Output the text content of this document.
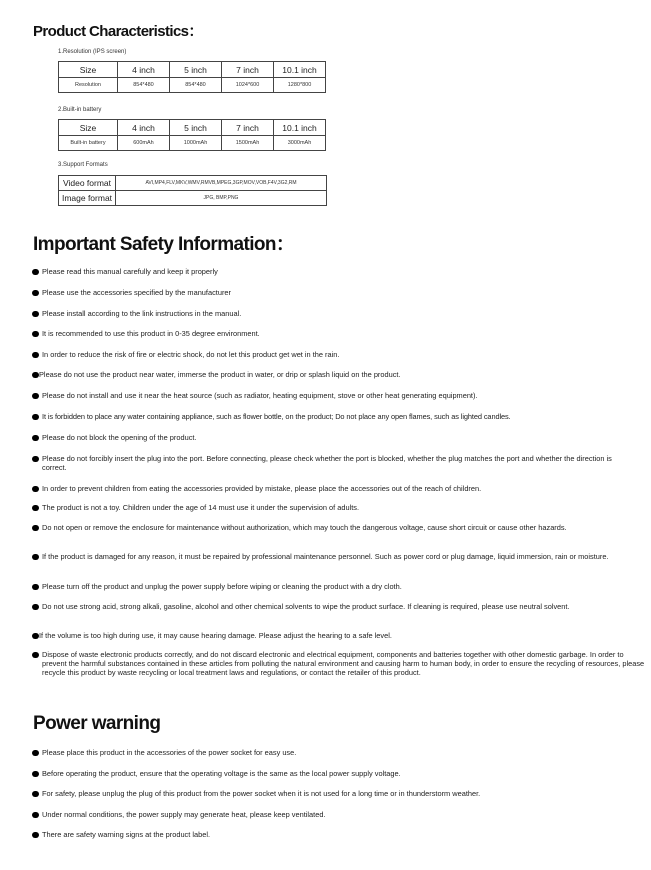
Product Characteristics：
1.Resolution (IPS screen)
Size	4 inch	5 inch	7 inch	10.1 inch
Resolution	854*480	854*480	1024*600	1280*800
2.Built-in battery
Size	4 inch	5 inch	7 inch	10.1 inch
Built-in battery	600mAh	1000mAh	1500mAh	3000mAh
3.Support Formats
Video format	AVI,MP4,FLV,MKV,WMV,RMVB,MPEG,3GP,MOV,VOB,F4V,3G2,RM
Image format	JPG, BMP,PNG
Important Safety Information：
Please read this manual carefully and keep it properly
Please use the accessories specified by the manufacturer
Please install according to the link instructions in the manual.
It is recommended to use this product in 0-35 degree environment.
In order to reduce the risk of fire or electric shock, do not let this product get wet in the rain.
Please do not use the product near water, immerse the product in water, or drip or splash liquid on the product.
Please do not install and use it near the heat source (such as radiator, heating equipment, stove or other heat generating equipment).
It is forbidden to place any water containing appliance, such as flower bottle, on the product; Do not place any open flames, such as lighted candles.
Please do not block the opening of the product.
Please do not forcibly insert the plug into the port. Before connecting, please check whether the port is blocked, whether the plug matches the port and whether the direction is correct.
In order to prevent children from eating the accessories provided by mistake, please place the accessories out of the reach of children.
The product is not a toy. Children under the age of 14 must use it under the supervision of adults.
Do not open or remove the enclosure for maintenance without authorization, which may touch the dangerous voltage, cause short circuit or cause other hazards.
If the product is damaged for any reason, it must be repaired by professional maintenance personnel. Such as power cord or plug damage, liquid immersion, rain or moisture.
Please turn off the product and unplug the power supply before wiping or cleaning the product with a dry cloth.
Do not use strong acid, strong alkali, gasoline, alcohol and other chemical solvents to wipe the product surface. If cleaning is required, please use neutral solvent.
If the volume is too high during use, it may cause hearing damage. Please adjust the hearing to a safe level.
Dispose of waste electronic products correctly, and do not discard electronic and electrical equipment, components and batteries together with other domestic garbage. In order to prevent the harmful substances contained in these articles from polluting the natural environment and causing harm to human body, in order to ensure the recycling of resources, please recycle this product by waste recycling or local treatment laws and regulations, or contact the retailer of this product.
Power warning
Please place this product in the accessories of the power socket for easy use.
Before operating the product, ensure that the operating voltage is the same as the local power supply voltage.
For safety, please unplug the plug of this product from the power socket when it is not used for a long time or in thunderstorm weather.
Under normal conditions, the power supply may generate heat, please keep ventilated.
There are safety warning signs at the product label.
